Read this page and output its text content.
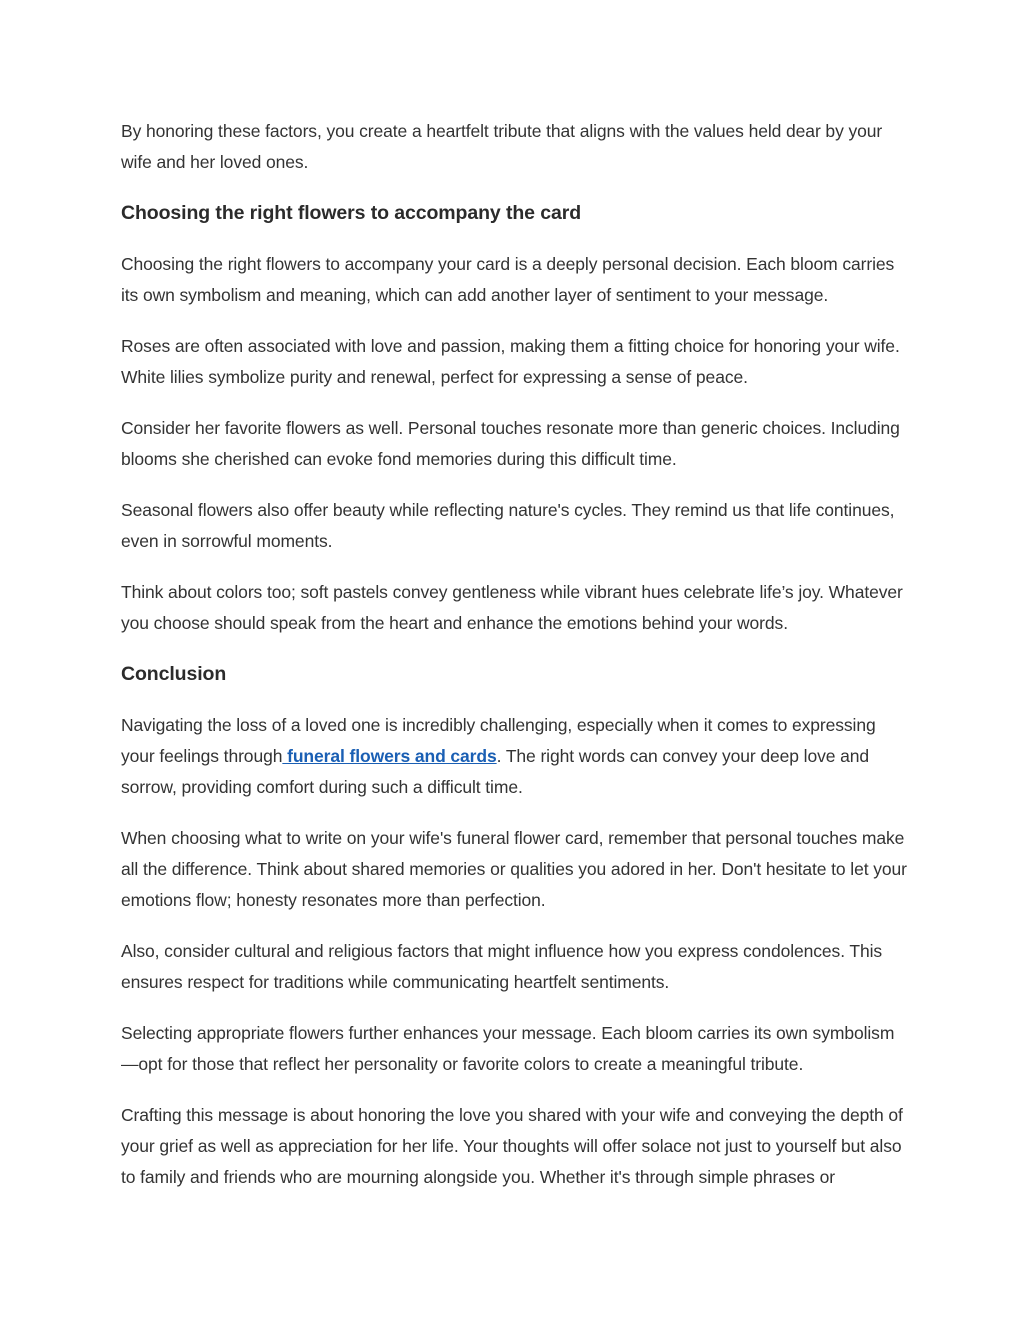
By honoring these factors, you create a heartfelt tribute that aligns with the values held dear by your wife and her loved ones.

Choosing the right flowers to accompany the card

Choosing the right flowers to accompany your card is a deeply personal decision. Each bloom carries its own symbolism and meaning, which can add another layer of sentiment to your message.

Roses are often associated with love and passion, making them a fitting choice for honoring your wife. White lilies symbolize purity and renewal, perfect for expressing a sense of peace.

Consider her favorite flowers as well. Personal touches resonate more than generic choices. Including blooms she cherished can evoke fond memories during this difficult time.

Seasonal flowers also offer beauty while reflecting nature's cycles. They remind us that life continues, even in sorrowful moments.

Think about colors too; soft pastels convey gentleness while vibrant hues celebrate life’s joy. Whatever you choose should speak from the heart and enhance the emotions behind your words.

Conclusion

Navigating the loss of a loved one is incredibly challenging, especially when it comes to expressing your feelings through funeral flowers and cards. The right words can convey your deep love and sorrow, providing comfort during such a difficult time.

When choosing what to write on your wife's funeral flower card, remember that personal touches make all the difference. Think about shared memories or qualities you adored in her. Don't hesitate to let your emotions flow; honesty resonates more than perfection.

Also, consider cultural and religious factors that might influence how you express condolences. This ensures respect for traditions while communicating heartfelt sentiments.

Selecting appropriate flowers further enhances your message. Each bloom carries its own symbolism—opt for those that reflect her personality or favorite colors to create a meaningful tribute.

Crafting this message is about honoring the love you shared with your wife and conveying the depth of your grief as well as appreciation for her life. Your thoughts will offer solace not just to yourself but also to family and friends who are mourning alongside you. Whether it's through simple phrases or
